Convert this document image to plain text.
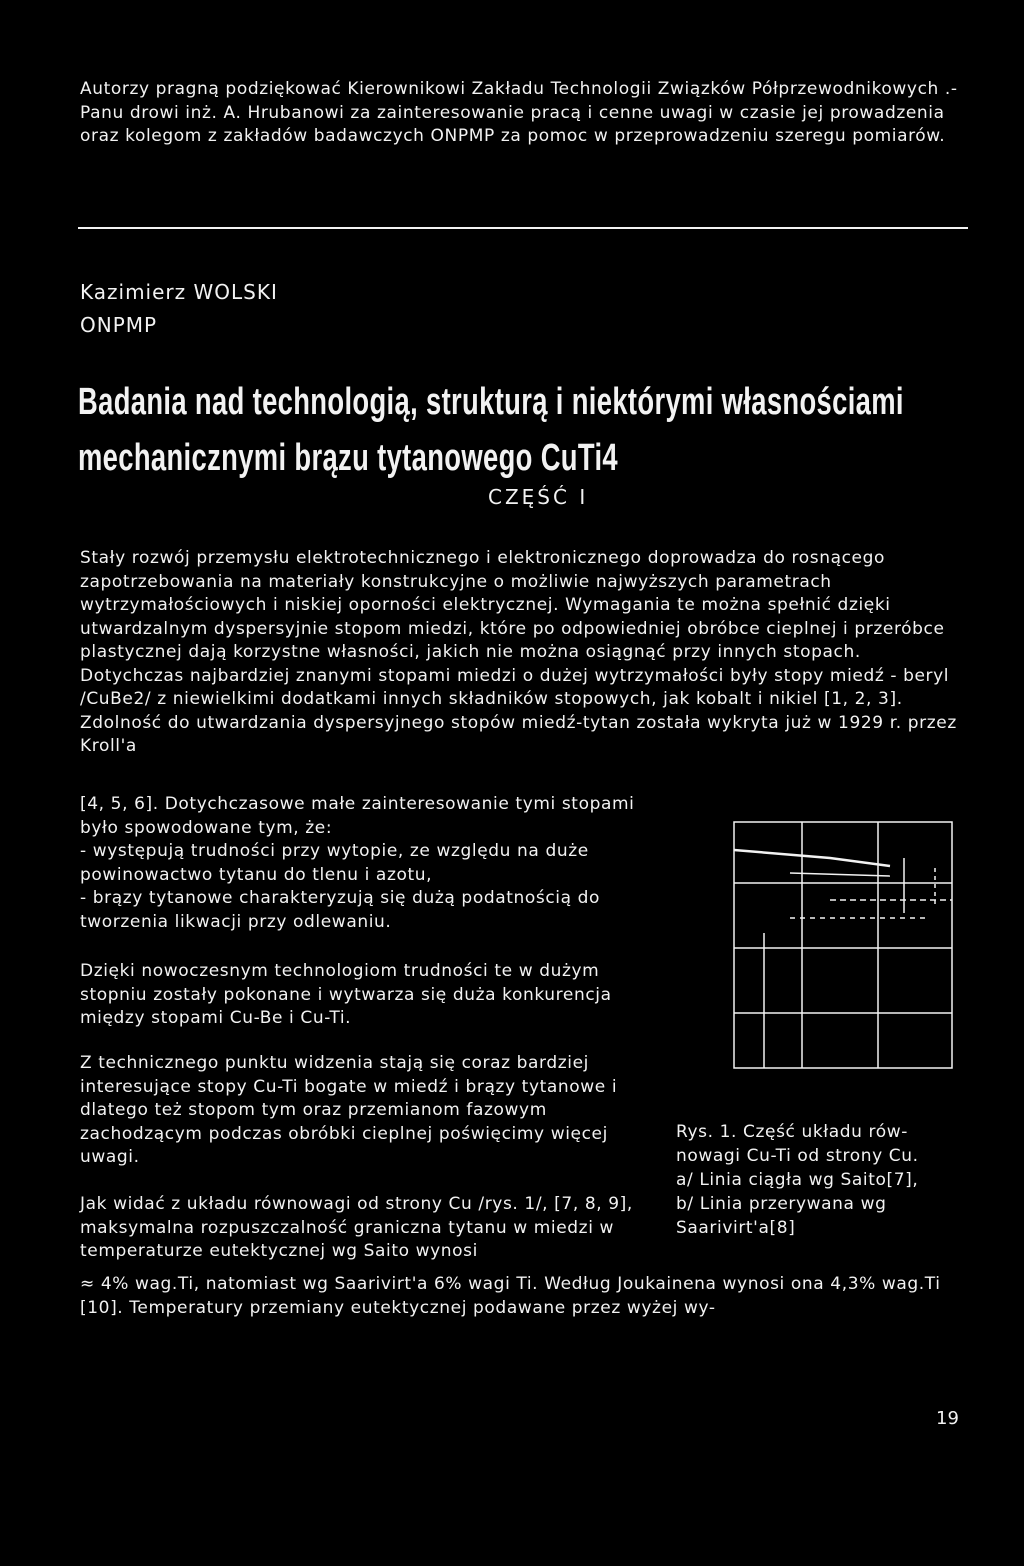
Autorzy pragną podziękować Kierownikowi Zakładu Technologii Związków Półprzewodnikowych .- Panu drowi inż. A. Hrubanowi za zainteresowanie pracą i cenne uwagi w czasie jej prowadzenia oraz kolegom z zakładów badawczych ONPMP za pomoc w przeprowadzeniu szeregu pomiarów.

Kazimierz WOLSKI
ONPMP
Badania nad technologią, strukturą i niektórymi własnościami
mechanicznymi brązu tytanowego CuTi4
CZĘŚĆ I

Stały rozwój przemysłu elektrotechnicznego i elektronicznego doprowadza do rosnącego zapotrzebowania na materiały konstrukcyjne o możliwie najwyższych parametrach wytrzymałościowych i niskiej oporności elektrycznej. Wymagania te można spełnić dzięki utwardzalnym dyspersyjnie stopom miedzi, które po odpowiedniej obróbce cieplnej i przeróbce plastycznej dają korzystne własności, jakich nie można osiągnąć przy innych stopach. Dotychczas najbardziej znanymi stopami miedzi o dużej wytrzymałości były stopy miedź - beryl /CuBe2/ z niewielkimi dodatkami innych składników stopowych, jak kobalt i nikiel [1, 2, 3]. Zdolność do utwardzania dyspersyjnego stopów miedź-tytan została wykryta już w 1929 r. przez Kroll'a

[4, 5, 6]. Dotychczasowe małe zainteresowanie tymi stopami było spowodowane tym, że:

- występują trudności przy wytopie, ze względu na duże powinowactwo tytanu do tlenu i azotu,

- brązy tytanowe charakteryzują się dużą podatnością do tworzenia likwacji przy odlewaniu.

Dzięki nowoczesnym technologiom trudności te w dużym stopniu zostały pokonane i wytwarza się duża konkurencja między stopami Cu-Be i Cu-Ti.

Z technicznego punktu widzenia stają się coraz bardziej interesujące stopy Cu-Ti bogate w miedź i brązy tytanowe i dlatego też stopom tym oraz przemianom fazowym zachodzącym podczas obróbki cieplnej poświęcimy więcej uwagi.

Jak widać z układu równowagi od strony Cu /rys. 1/, [7, 8, 9], maksymalna rozpuszczalność graniczna tytanu w miedzi w temperaturze eutektycznej wg Saito wynosi

≈ 4% wag.Ti, natomiast wg Saarivirt'a 6% wagi Ti. Według Joukainena wynosi ona 4,3% wag.Ti [10]. Temperatury przemiany eutektycznej podawane przez wyżej wy-

Rys. 1. Część układu rów-
nowagi Cu-Ti od strony Cu.
a/ Linia ciągła wg Saito[7],
b/ Linia przerywana wg
Saarivirt'a[8]
19
